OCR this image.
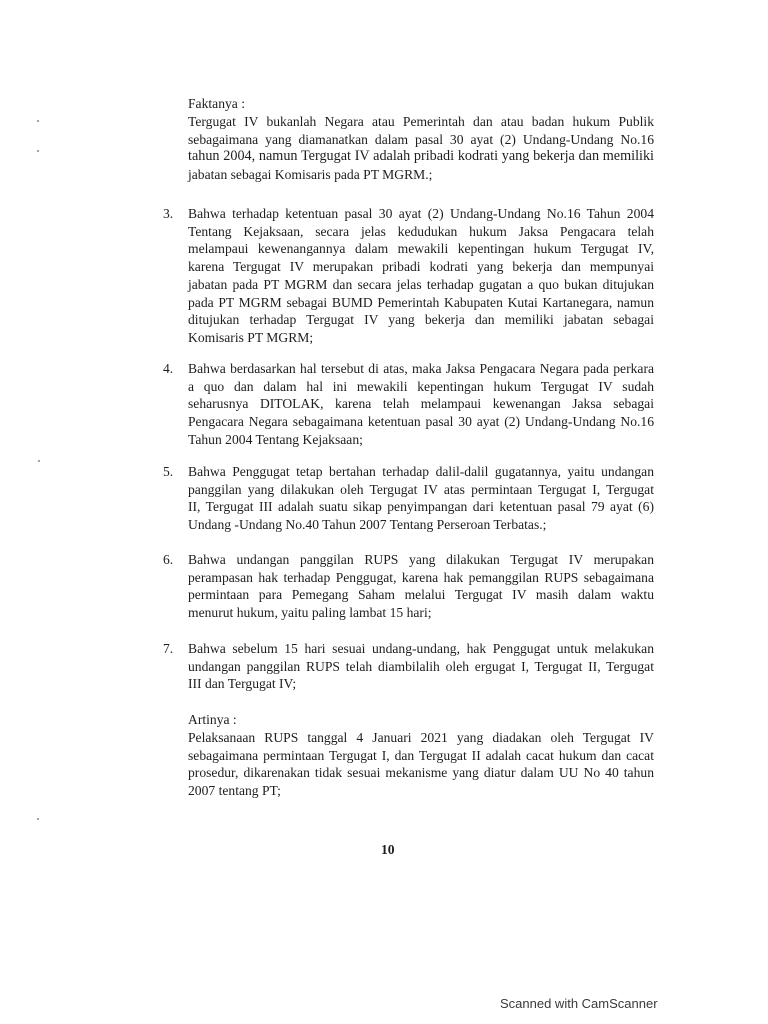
Faktanya :
Tergugat IV bukanlah Negara atau Pemerintah dan atau badan hukum Publik
sebagaimana yang diamanatkan dalam pasal 30 ayat (2) Undang-Undang No.16
tahun 2004, namun Tergugat IV adalah pribadi kodrati yang bekerja dan memiliki
jabatan sebagai Komisaris pada PT MGRM.;
3. Bahwa terhadap ketentuan pasal 30 ayat (2) Undang-Undang No.16 Tahun 2004
Tentang Kejaksaan, secara jelas kedudukan hukum Jaksa Pengacara telah
melampaui kewenangannya dalam mewakili kepentingan hukum Tergugat IV,
karena Tergugat IV merupakan pribadi kodrati yang bekerja dan mempunyai
jabatan pada PT MGRM dan secara jelas terhadap gugatan a quo bukan ditujukan
pada PT MGRM sebagai BUMD Pemerintah Kabupaten Kutai Kartanegara, namun
ditujukan terhadap Tergugat IV yang bekerja dan memiliki jabatan sebagai
Komisaris PT MGRM;
4. Bahwa berdasarkan hal tersebut di atas, maka Jaksa Pengacara Negara pada perkara
a quo dan dalam hal ini mewakili kepentingan hukum Tergugat IV sudah
seharusnya DITOLAK, karena telah melampaui kewenangan Jaksa sebagai
Pengacara Negara sebagaimana ketentuan pasal 30 ayat (2) Undang-Undang No.16
Tahun 2004 Tentang Kejaksaan;
5. Bahwa Penggugat tetap bertahan terhadap dalil-dalil gugatannya, yaitu undangan
panggilan yang dilakukan oleh Tergugat IV atas permintaan Tergugat I, Tergugat
II, Tergugat III adalah suatu sikap penyimpangan dari ketentuan pasal 79 ayat (6)
Undang -Undang No.40 Tahun 2007 Tentang Perseroan Terbatas.;
6. Bahwa undangan panggilan RUPS yang dilakukan Tergugat IV merupakan
perampasan hak terhadap Penggugat, karena hak pemanggilan RUPS sebagaimana
permintaan para Pemegang Saham melalui Tergugat IV masih dalam waktu
menurut hukum, yaitu paling lambat 15 hari;
7. Bahwa sebelum 15 hari sesuai undang-undang, hak Penggugat untuk melakukan
undangan panggilan RUPS telah diambilalih oleh ergugat I, Tergugat II, Tergugat
III dan Tergugat IV;
Artinya :
Pelaksanaan RUPS tanggal 4 Januari 2021 yang diadakan oleh Tergugat IV
sebagaimana permintaan Tergugat I, dan Tergugat II adalah cacat hukum dan cacat
prosedur, dikarenakan tidak sesuai mekanisme yang diatur dalam UU No 40 tahun
2007 tentang PT;
10
Scanned with CamScanner
